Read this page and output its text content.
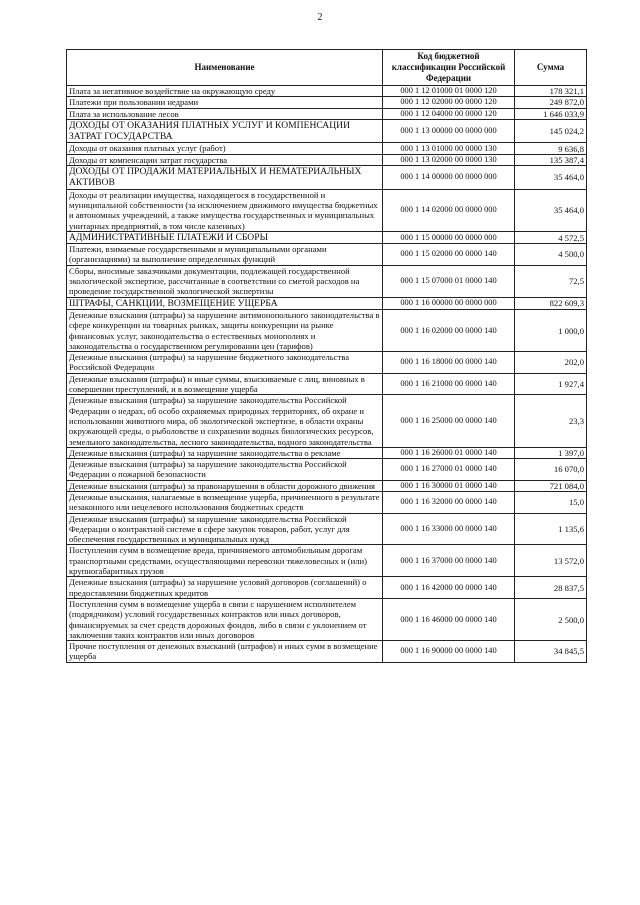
2
Наименование	Код бюджетной классификации Российской Федерации	Сумма
Плата за негативное воздействие на окружающую среду	000 1 12 01000 01 0000 120	178 321,1
Платежи при пользовании недрами	000 1 12 02000 00 0000 120	249 872,0
Плата за использование лесов	000 1 12 04000 00 0000 120	1 646 033,9
ДОХОДЫ ОТ ОКАЗАНИЯ ПЛАТНЫХ УСЛУГ И КОМПЕНСАЦИИ ЗАТРАТ ГОСУДАРСТВА	000 1 13 00000 00 0000 000	145 024,2
Доходы от оказания платных услуг (работ)	000 1 13 01000 00 0000 130	9 636,8
Доходы от компенсации затрат государства	000 1 13 02000 00 0000 130	135 387,4
ДОХОДЫ ОТ ПРОДАЖИ МАТЕРИАЛЬНЫХ И НЕМАТЕРИАЛЬНЫХ АКТИВОВ	000 1 14 00000 00 0000 000	35 464,0
Доходы от реализации имущества, находящегося в государственной и муниципальной собственности (за исключением движимого имущества бюджетных и автономных учреждений, а также имущества государственных и муниципальных унитарных предприятий, в том числе казенных)	000 1 14 02000 00 0000 000	35 464,0
АДМИНИСТРАТИВНЫЕ ПЛАТЕЖИ И СБОРЫ	000 1 15 00000 00 0000 000	4 572,5
Платежи, взимаемые государственными и муниципальными органами (организациями) за выполнение определенных функций	000 1 15 02000 00 0000 140	4 500,0
Сборы, вносимые заказчиками документации, подлежащей государственной экологической экспертизе, рассчитанные в соответствии со сметой расходов на проведение государственной экологической экспертизы	000 1 15 07000 01 0000 140	72,5
ШТРАФЫ, САНКЦИИ, ВОЗМЕЩЕНИЕ УЩЕРБА	000 1 16 00000 00 0000 000	822 609,3
Денежные взыскания (штрафы) за нарушение антимонопольного законодательства в сфере конкуренции на товарных рынках, защиты конкуренции на рынке финансовых услуг, законодательства о естественных монополиях и законодательства о государственном регулировании цен (тарифов)	000 1 16 02000 00 0000 140	1 000,0
Денежные взыскания (штрафы) за нарушение бюджетного законодательства Российской Федерации	000 1 16 18000 00 0000 140	202,0
Денежные взыскания (штрафы) и иные суммы, взыскиваемые с лиц, виновных в совершении преступлений, и в возмещение ущерба	000 1 16 21000 00 0000 140	1 927,4
Денежные взыскания (штрафы) за нарушение законодательства Российской Федерации о недрах, об особо охраняемых природных территориях, об охране и использовании животного мира, об экологической экспертизе, в области охраны окружающей среды, о рыболовстве и сохранении водных биологических ресурсов, земельного законодательства, лесного законодательства, водного законодательства	000 1 16 25000 00 0000 140	23,3
Денежные взыскания (штрафы) за нарушение законодательства о рекламе	000 1 16 26000 01 0000 140	1 397,0
Денежные взыскания (штрафы) за нарушение законодательства Российской Федерации о пожарной безопасности	000 1 16 27000 01 0000 140	16 070,0
Денежные взыскания (штрафы) за правонарушения в области дорожного движения	000 1 16 30000 01 0000 140	721 084,0
Денежные взыскания, налагаемые в возмещение ущерба, причиненного в результате незаконного или нецелевого использования бюджетных средств	000 1 16 32000 00 0000 140	15,0
Денежные взыскания (штрафы) за нарушение законодательства Российской Федерации о контрактной системе в сфере закупок товаров, работ, услуг для обеспечения государственных и муниципальных нужд	000 1 16 33000 00 0000 140	1 135,6
Поступления сумм в возмещение вреда, причиняемого автомобильным дорогам транспортными средствами, осуществляющими перевозки тяжеловесных и (или) крупногабаритных грузов	000 1 16 37000 00 0000 140	13 572,0
Денежные взыскания (штрафы) за нарушение условий договоров (соглашений) о предоставлении бюджетных кредитов	000 1 16 42000 00 0000 140	28 837,5
Поступления сумм в возмещение ущерба в связи с нарушением исполнителем (подрядчиком) условий государственных контрактов или иных договоров, финансируемых за счет средств дорожных фондов, либо в связи с уклонением от заключения таких контрактов или иных договоров	000 1 16 46000 00 0000 140	2 500,0
Прочие поступления от денежных взысканий (штрафов) и иных сумм в возмещение ущерба	000 1 16 90000 00 0000 140	34 845,5
